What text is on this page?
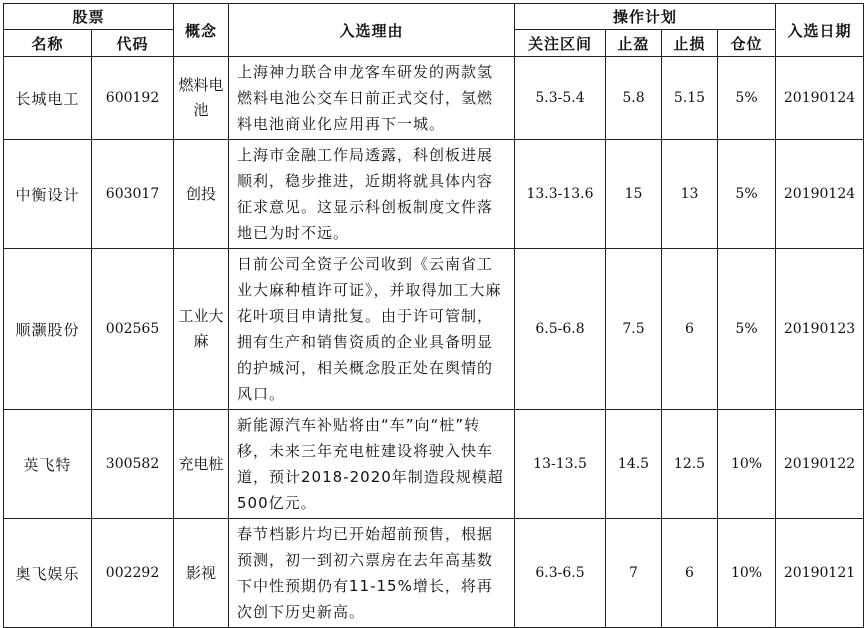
股票		概念	入选理由	操作计划				入选日期
名称	代码			关注区间	止盈	止损	仓位	
长城电工	600192	燃料电池	上海神力联合申龙客车研发的两款氢燃料电池公交车日前正式交付，氢燃料电池商业化应用再下一城。	5.3-5.4	5.8	5.15	5%	20190124
中衡设计	603017	创投	上海市金融工作局透露，科创板进展顺利，稳步推进，近期将就具体内容征求意见。这显示科创板制度文件落地已为时不远。	13.3-13.6	15	13	5%	20190124
顺灏股份	002565	工业大麻	日前公司全资子公司收到《云南省工业大麻种植许可证》，并取得加工大麻花叶项目申请批复。由于许可管制，拥有生产和销售资质的企业具备明显的护城河，相关概念股正处在舆情的风口。	6.5-6.8	7.5	6	5%	20190123
英飞特	300582	充电桩	新能源汽车补贴将由“车”向“桩”转移，未来三年充电桩建设将驶入快车道，预计2018-2020年制造段规模超500亿元。	13-13.5	14.5	12.5	10%	20190122
奥飞娱乐	002292	影视	春节档影片均已开始超前预售，根据预测，初一到初六票房在去年高基数下中性预期仍有11-15%增长，将再次创下历史新高。	6.3-6.5	7	6	10%	20190121
